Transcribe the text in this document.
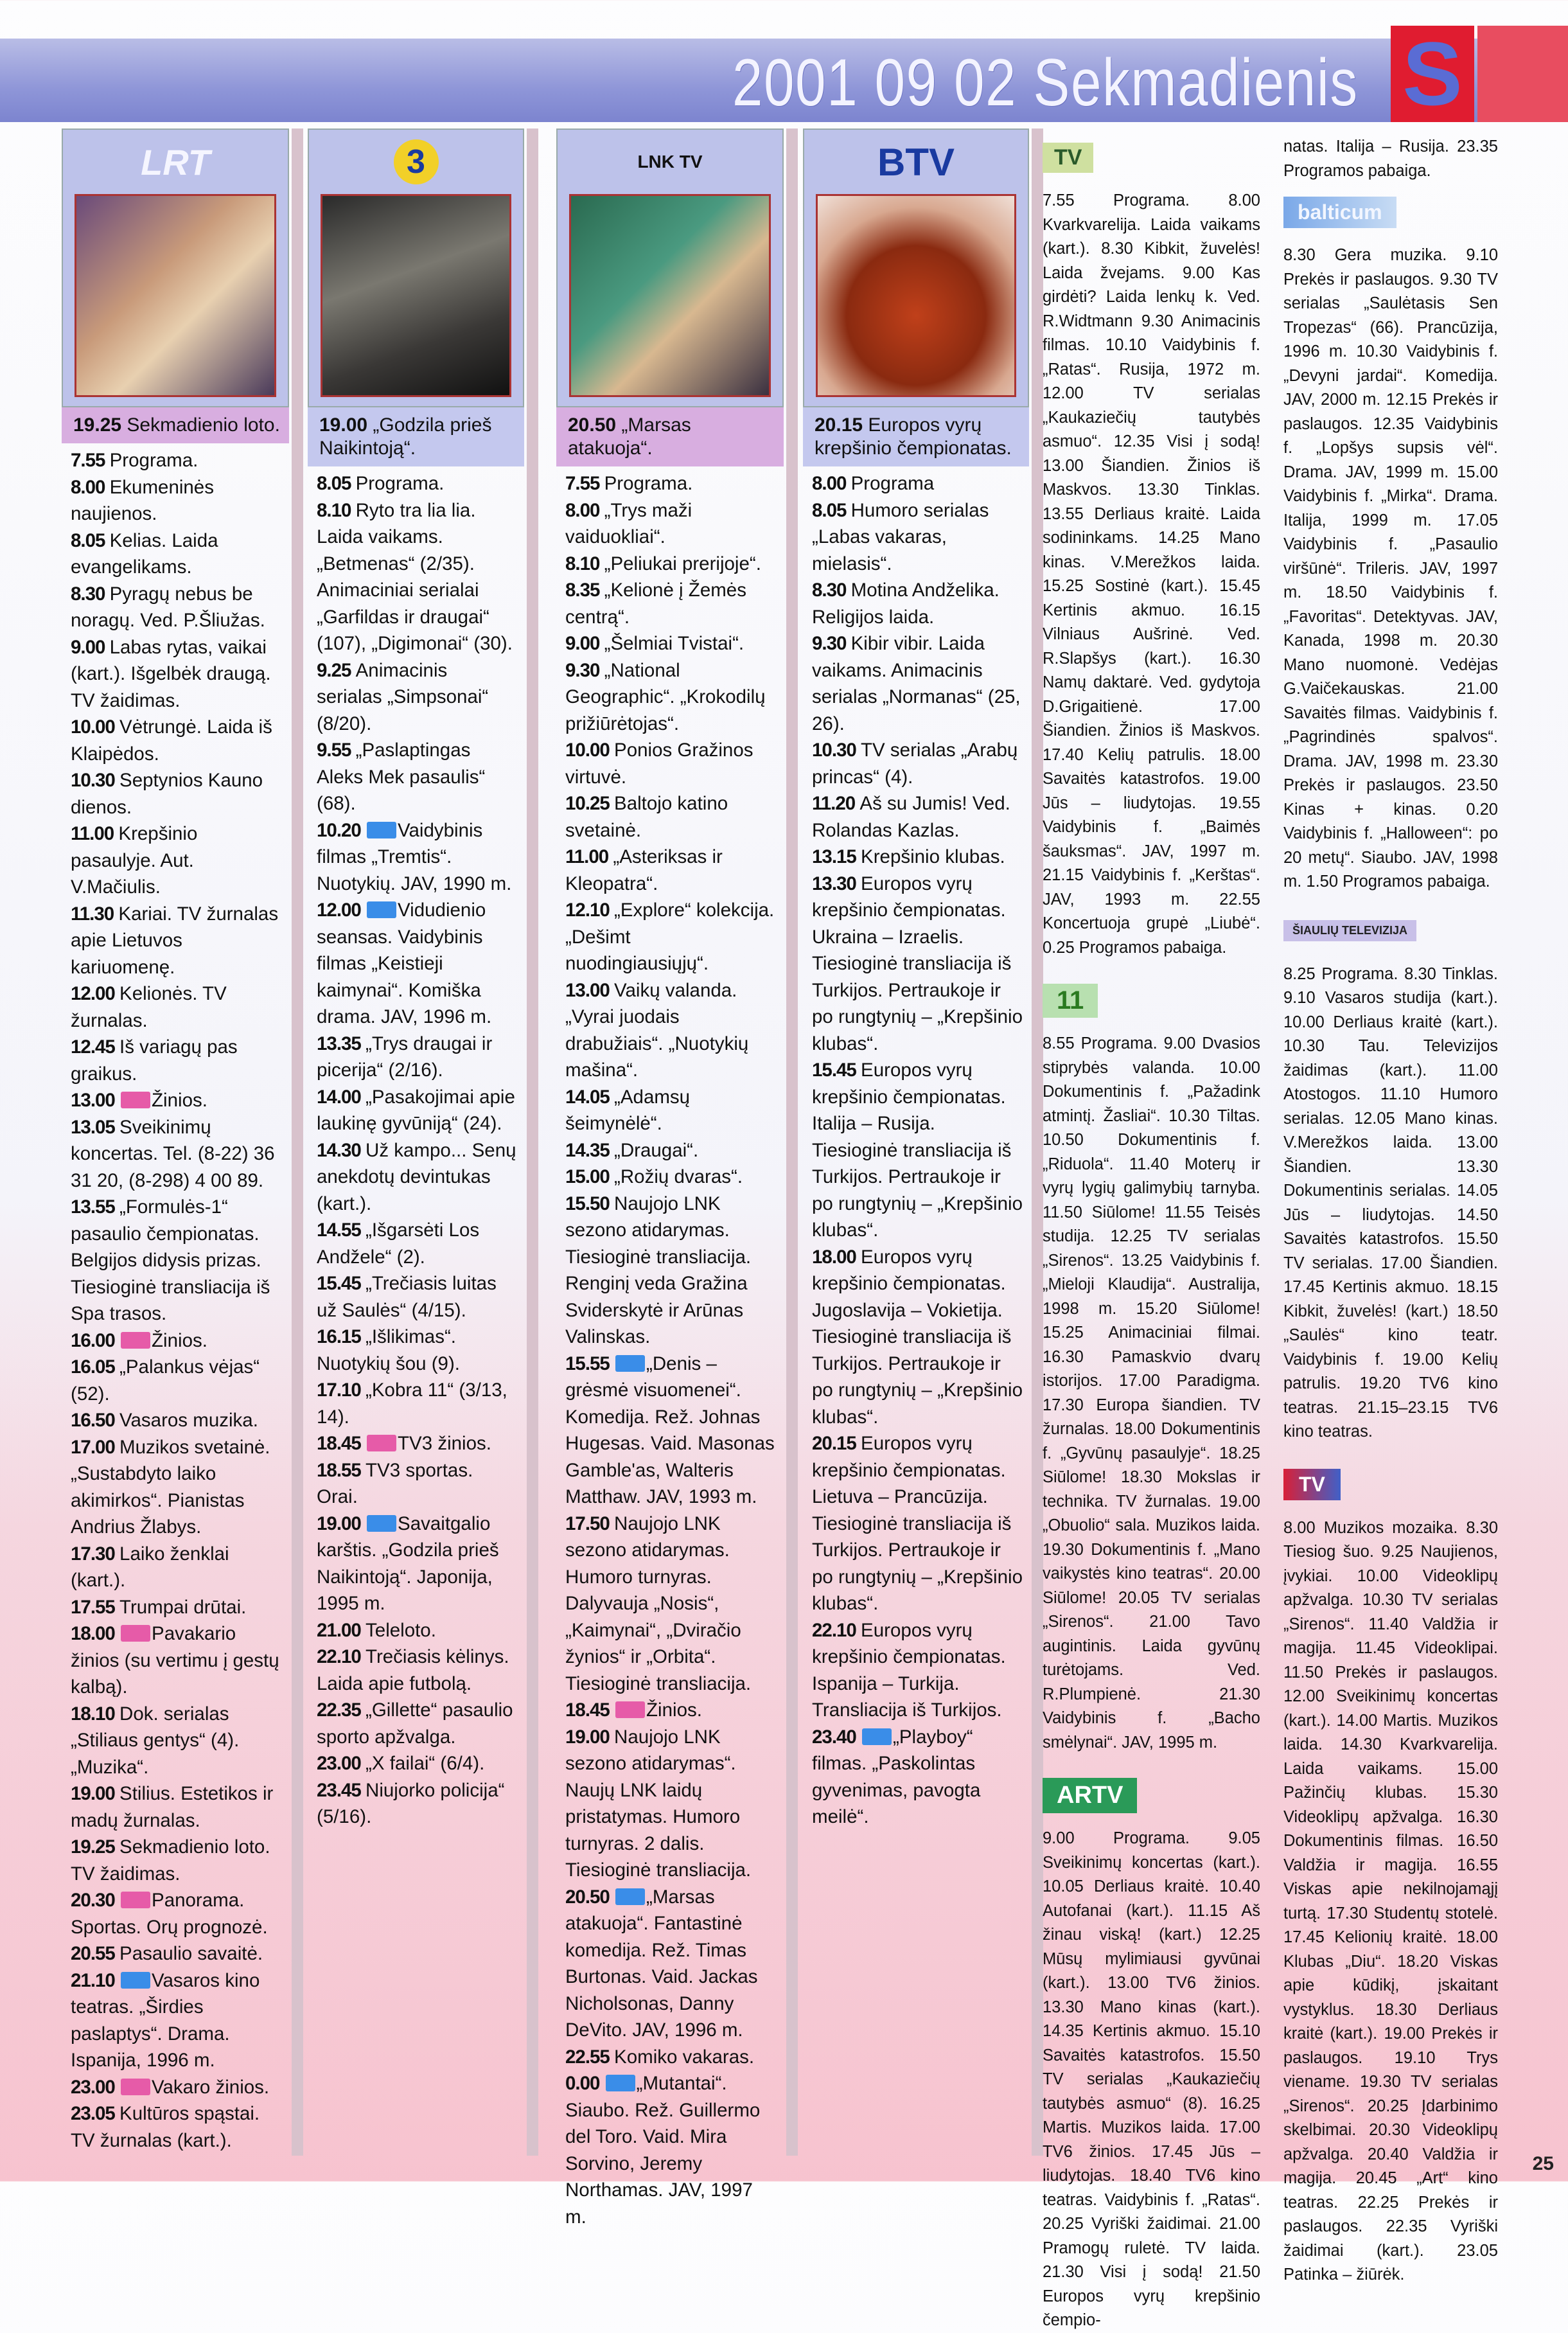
2001 09 02 Sekmadienis S
LRT
19.25 Sekmadienio loto.
7.55 Programa.
8.00 Ekumeninės naujienos.
8.05 Kelias. Laida evangelikams.
8.30 Pyragų nebus be noragų. Ved. P.Šliužas.
9.00 Labas rytas, vaikai (kart.). Išgelbėk draugą. TV žaidimas.
10.00 Vėtrungė. Laida iš Klaipėdos.
10.30 Septynios Kauno dienos.
11.00 Krepšinio pasaulyje. Aut. V.Mačiulis.
11.30 Kariai. TV žurnalas apie Lietuvos kariuomenę.
12.00 Kelionės. TV žurnalas.
12.45 Iš variagų pas graikus.
13.00 Žinios.
13.05 Sveikinimų koncertas. Tel. (8-22) 36 31 20, (8-298) 4 00 89.
13.55 „Formulės-1“ pasaulio čempionatas. Belgijos didysis prizas. Tiesioginė transliacija iš Spa trasos.
16.00 Žinios.
16.05 „Palankus vėjas“ (52).
16.50 Vasaros muzika.
17.00 Muzikos svetainė. „Sustabdyto laiko akimirkos“. Pianistas Andrius Žlabys.
17.30 Laiko ženklai (kart.).
17.55 Trumpai drūtai.
18.00 Pavakario žinios (su vertimu į gestų kalbą).
18.10 Dok. serialas „Stiliaus gentys“ (4). „Muzika“.
19.00 Stilius. Estetikos ir madų žurnalas.
19.25 Sekmadienio loto. TV žaidimas.
20.30 Panorama. Sportas. Orų prognozė.
20.55 Pasaulio savaitė.
21.10 Vasaros kino teatras. „Širdies paslaptys“. Drama. Ispanija, 1996 m.
23.00 Vakaro žinios.
23.05 Kultūros spąstai. TV žurnalas (kart.).
3
19.00 „Godzila prieš Naikintoją“.
8.05 Programa.
8.10 Ryto tra lia lia. Laida vaikams. „Betmenas“ (2/35). Animaciniai serialai „Garfildas ir draugai“ (107), „Digimonai“ (30).
9.25 Animacinis serialas „Simpsonai“ (8/20).
9.55 „Paslaptingas Aleks Mek pasaulis“ (68).
10.20 Vaidybinis filmas „Tremtis“. Nuotykių. JAV, 1990 m.
12.00 Vidudienio seansas. Vaidybinis filmas „Keistieji kaimynai“. Komiška drama. JAV, 1996 m.
13.35 „Trys draugai ir picerija“ (2/16).
14.00 „Pasakojimai apie laukinę gyvūniją“ (24).
14.30 Už kampo... Senų anekdotų devintukas (kart.).
14.55 „Išgarsėti Los Andžele“ (2).
15.45 „Trečiasis luitas už Saulės“ (4/15).
16.15 „Išlikimas“. Nuotykių šou (9).
17.10 „Kobra 11“ (3/13, 14).
18.45 TV3 žinios.
18.55 TV3 sportas. Orai.
19.00 Savaitgalio karštis. „Godzila prieš Naikintoją“. Japonija, 1995 m.
21.00 Teleloto.
22.10 Trečiasis kėlinys. Laida apie futbolą.
22.35 „Gillette“ pasaulio sporto apžvalga.
23.00 „X failai“ (6/4).
23.45 Niujorko policija“ (5/16).
LNK TV
20.50 „Marsas atakuoja“.
7.55 Programa.
8.00 „Trys maži vaiduokliai“.
8.10 „Peliukai prerijoje“.
8.35 „Kelionė į Žemės centrą“.
9.00 „Šelmiai Tvistai“.
9.30 „National Geographic“. „Krokodilų prižiūrėtojas“.
10.00 Ponios Gražinos virtuvė.
10.25 Baltojo katino svetainė.
11.00 „Asteriksas ir Kleopatra“.
12.10 „Explore“ kolekcija. „Dešimt nuodingiausiųjų“.
13.00 Vaikų valanda. „Vyrai juodais drabužiais“. „Nuotykių mašina“.
14.05 „Adamsų šeimynėlė“.
14.35 „Draugai“.
15.00 „Rožių dvaras“.
15.50 Naujojo LNK sezono atidarymas. Tiesioginė transliacija. Renginį veda Gražina Sviderskytė ir Arūnas Valinskas.
15.55 „Denis – grėsmė visuomenei“. Komedija. Rež. Johnas Hugesas. Vaid. Masonas Gamble'as, Walteris Matthaw. JAV, 1993 m.
17.50 Naujojo LNK sezono atidarymas. Humoro turnyras. Dalyvauja „Nosis“, „Kaimynai“, „Dviračio žynios“ ir „Orbita“. Tiesioginė transliacija.
18.45 Žinios.
19.00 Naujojo LNK sezono atidarymas“. Naujų LNK laidų pristatymas. Humoro turnyras. 2 dalis. Tiesioginė transliacija.
20.50 „Marsas atakuoja“. Fantastinė komedija. Rež. Timas Burtonas. Vaid. Jackas Nicholsonas, Danny DeVito. JAV, 1996 m.
22.55 Komiko vakaras.
0.00 „Mutantai“. Siaubo. Rež. Guillermo del Toro. Vaid. Mira Sorvino, Jeremy Northamas. JAV, 1997 m.
BTV
20.15 Europos vyrų krepšinio čempionatas.
8.00 Programa
8.05 Humoro serialas „Labas vakaras, mielasis“.
8.30 Motina Andželika. Religijos laida.
9.30 Kibir vibir. Laida vaikams. Animacinis serialas „Normanas“ (25, 26).
10.30 TV serialas „Arabų princas“ (4).
11.20 Aš su Jumis! Ved. Rolandas Kazlas.
13.15 Krepšinio klubas.
13.30 Europos vyrų krepšinio čempionatas. Ukraina – Izraelis. Tiesioginė transliacija iš Turkijos. Pertraukoje ir po rungtynių – „Krepšinio klubas“.
15.45 Europos vyrų krepšinio čempionatas. Italija – Rusija. Tiesioginė transliacija iš Turkijos. Pertraukoje ir po rungtynių – „Krepšinio klubas“.
18.00 Europos vyrų krepšinio čempionatas. Jugoslavija – Vokietija. Tiesioginė transliacija iš Turkijos. Pertraukoje ir po rungtynių – „Krepšinio klubas“.
20.15 Europos vyrų krepšinio čempionatas. Lietuva – Prancūzija. Tiesioginė transliacija iš Turkijos. Pertraukoje ir po rungtynių – „Krepšinio klubas“.
22.10 Europos vyrų krepšinio čempionatas. Ispanija – Turkija. Transliacija iš Turkijos.
23.40 „Playboy“ filmas. „Paskolintas gyvenimas, pavogta meilė“.
TV
7.55 Programa. 8.00 Kvarkvarelija. Laida vaikams (kart.). 8.30 Kibkit, žuvelės! Laida žvejams. 9.00 Kas girdėti? Laida lenkų k. Ved. R.Widtmann 9.30 Animacinis filmas. 10.10 Vaidybinis f. „Ratas“. Rusija, 1972 m. 12.00 TV serialas „Kaukaziečių tautybės asmuo“. 12.35 Visi į sodą! 13.00 Šiandien. Žinios iš Maskvos. 13.30 Tinklas. 13.55 Derliaus kraitė. Laida sodininkams. 14.25 Mano kinas. V.Merežkos laida. 15.25 Sostinė (kart.). 15.45 Kertinis akmuo. 16.15 Vilniaus Aušrinė. Ved. R.Slapšys (kart.). 16.30 Namų daktarė. Ved. gydytoja D.Grigaitienė. 17.00 Šiandien. Žinios iš Maskvos. 17.40 Kelių patrulis. 18.00 Savaitės katastrofos. 19.00 Jūs – liudytojas. 19.55 Vaidybinis f. „Baimės šauksmas“. JAV, 1997 m. 21.15 Vaidybinis f. „Kerštas“. JAV, 1993 m. 22.55 Koncertuoja grupė „Liubė“. 0.25 Programos pabaiga.
11
8.55 Programa. 9.00 Dvasios stiprybės valanda. 10.00 Dokumentinis f. „Pažadink atmintį. Žasliai“. 10.30 Tiltas. 10.50 Dokumentinis f. „Riduola“. 11.40 Moterų ir vyrų lygių galimybių tarnyba. 11.50 Siūlome! 11.55 Teisės studija. 12.25 TV serialas „Sirenos“. 13.25 Vaidybinis f. „Mieloji Klaudija“. Australija, 1998 m. 15.20 Siūlome! 15.25 Animaciniai filmai. 16.30 Pamaskvio dvarų istorijos. 17.00 Paradigma. 17.30 Europa šiandien. TV žurnalas. 18.00 Dokumentinis f. „Gyvūnų pasaulyje“. 18.25 Siūlome! 18.30 Mokslas ir technika. TV žurnalas. 19.00 „Obuolio“ sala. Muzikos laida. 19.30 Dokumentinis f. „Mano vaikystės kino teatras“. 20.00 Siūlome! 20.05 TV serialas „Sirenos“. 21.00 Tavo augintinis. Laida gyvūnų turėtojams. Ved. R.Plumpienė. 21.30 Vaidybinis f. „Bacho smėlynai“. JAV, 1995 m.
ARTV
9.00 Programa. 9.05 Sveikinimų koncertas (kart.). 10.05 Derliaus kraitė. 10.40 Autofanai (kart.). 11.15 Aš žinau viską! (kart.) 12.25 Mūsų mylimiausi gyvūnai (kart.). 13.00 TV6 žinios. 13.30 Mano kinas (kart.). 14.35 Kertinis akmuo. 15.10 Savaitės katastrofos. 15.50 TV serialas „Kaukaziečių tautybės asmuo“ (8). 16.25 Martis. Muzikos laida. 17.00 TV6 žinios. 17.45 Jūs – liudytojas. 18.40 TV6 kino teatras. Vaidybinis f. „Ratas“. 20.25 Vyriški žaidimai. 21.00 Pramogų ruletė. TV laida. 21.30 Visi į sodą! 21.50 Europos vyrų krepšinio čempio-
natas. Italija – Rusija. 23.35 Programos pabaiga.
balticum
8.30 Gera muzika. 9.10 Prekės ir paslaugos. 9.30 TV serialas „Saulėtasis Sen Tropezas“ (66). Prancūzija, 1996 m. 10.30 Vaidybinis f. „Devyni jardai“. Komedija. JAV, 2000 m. 12.15 Prekės ir paslaugos. 12.35 Vaidybinis f. „Lopšys supsis vėl“. Drama. JAV, 1999 m. 15.00 Vaidybinis f. „Mirka“. Drama. Italija, 1999 m. 17.05 Vaidybinis f. „Pasaulio viršūnė“. Trileris. JAV, 1997 m. 18.50 Vaidybinis f. „Favoritas“. Detektyvas. JAV, Kanada, 1998 m. 20.30 Mano nuomonė. Vedėjas G.Vaičekauskas. 21.00 Savaitės filmas. Vaidybinis f. „Pagrindinės spalvos“. Drama. JAV, 1998 m. 23.30 Prekės ir paslaugos. 23.50 Kinas + kinas. 0.20 Vaidybinis f. „Halloween“: po 20 metų“. Siaubo. JAV, 1998 m. 1.50 Programos pabaiga.
ŠIAULIŲ TELEVIZIJA
8.25 Programa. 8.30 Tinklas. 9.10 Vasaros studija (kart.). 10.00 Derliaus kraitė (kart.). 10.30 Tau. Televizijos žaidimas (kart.). 11.00 Atostogos. 11.10 Humoro serialas. 12.05 Mano kinas. V.Merežkos laida. 13.00 Šiandien. 13.30 Dokumentinis serialas. 14.05 Jūs – liudytojas. 14.50 Savaitės katastrofos. 15.50 TV serialas. 17.00 Šiandien. 17.45 Kertinis akmuo. 18.15 Kibkit, žuvelės! (kart.) 18.50 „Saulės“ kino teatr. Vaidybinis f. 19.00 Kelių patrulis. 19.20 TV6 kino teatras. 21.15–23.15 TV6 kino teatras.
TV
8.00 Muzikos mozaika. 8.30 Tiesiog šuo. 9.25 Naujienos, įvykiai. 10.00 Videoklipų apžvalga. 10.30 TV serialas „Sirenos“. 11.40 Valdžia ir magija. 11.45 Videoklipai. 11.50 Prekės ir paslaugos. 12.00 Sveikinimų koncertas (kart.). 14.00 Martis. Muzikos laida. 14.30 Kvarkvarelija. Laida vaikams. 15.00 Pažinčių klubas. 15.30 Videoklipų apžvalga. 16.30 Dokumentinis filmas. 16.50 Valdžia ir magija. 16.55 Viskas apie nekilnojamąjį turtą. 17.30 Studentų stotelė. 17.45 Kelionių kraitė. 18.00 Klubas „Diu“. 18.20 Viskas apie kūdikį, įskaitant vystyklus. 18.30 Derliaus kraitė (kart.). 19.00 Prekės ir paslaugos. 19.10 Trys viename. 19.30 TV serialas „Sirenos“. 20.25 Įdarbinimo skelbimai. 20.30 Videoklipų apžvalga. 20.40 Valdžia ir magija. 20.45 „Art“ kino teatras. 22.25 Prekės ir paslaugos. 22.35 Vyriški žaidimai (kart.). 23.05 Patinka – žiūrėk.
25
